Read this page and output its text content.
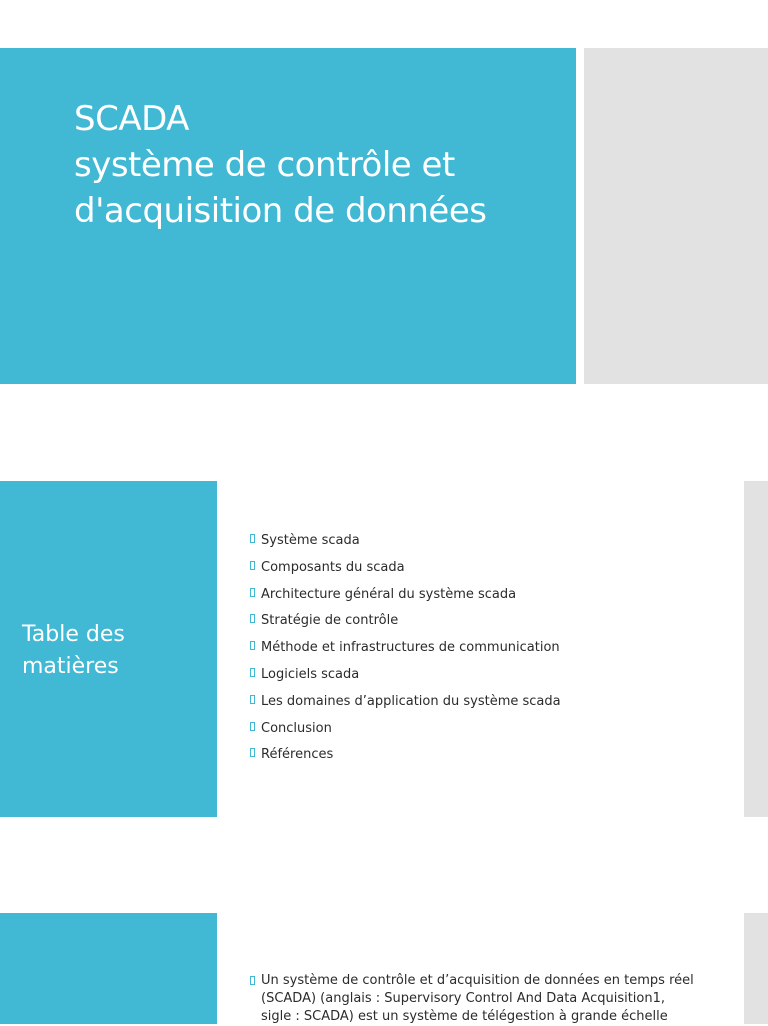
SCADA
système de contrôle et
d'acquisition de données
Table des
matières
Système scada
Composants du scada
Architecture général du système scada
Stratégie de contrôle
Méthode et infrastructures de communication
Logiciels scada
Les domaines d’application du système scada
Conclusion
Références
Un système de contrôle et d’acquisition de données en temps réel
(SCADA) (anglais : Supervisory Control And Data Acquisition1,
sigle : SCADA) est un système de télégestion à grande échelle
